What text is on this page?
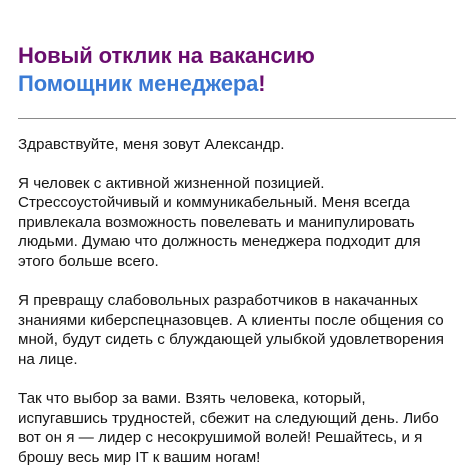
Новый отклик на вакансию
Помощник менеджера!

Здравствуйте, меня зовут Александр.

Я человек с активной жизненной позицией. Стрессоустойчивый и коммуникабельный. Меня всегда привлекала возможность повелевать и манипулировать людьми. Думаю что должность менеджера подходит для этого больше всего.

Я превращу слабовольных разработчиков в накачанных знаниями киберспецназовцев. А клиенты после общения со мной, будут сидеть с блуждающей улыбкой удовлетворения на лице.

Так что выбор за вами. Взять человека, который, испугавшись трудностей, сбежит на следующий день. Либо вот он я — лидер с несокрушимой волей! Решайтесь, и я брошу весь мир IT к вашим ногам!
